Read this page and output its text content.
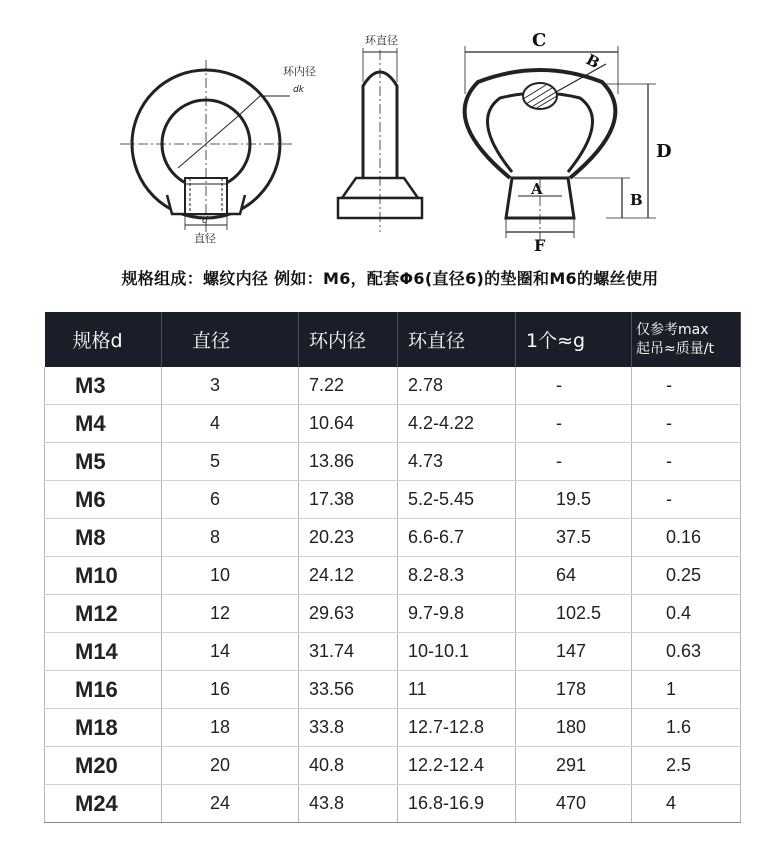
环内径
dk
d
直径
环直径	C
B
D
B
A
F
规格组成：螺纹内径 例如：M6，配套Φ6(直径6)的垫圈和M6的螺丝使用
规格d	直径	环内径	环直径	1个≈g	仅参考max
起吊≈质量/t
M3	3	7.22	2.78	-	-
M4	4	10.64	4.2-4.22	-	-
M5	5	13.86	4.73	-	-
M6	6	17.38	5.2-5.45	19.5	-
M8	8	20.23	6.6-6.7	37.5	0.16
M10	10	24.12	8.2-8.3	64	0.25
M12	12	29.63	9.7-9.8	102.5	0.4
M14	14	31.74	10-10.1	147	0.63
M16	16	33.56	11	178	1
M18	18	33.8	12.7-12.8	180	1.6
M20	20	40.8	12.2-12.4	291	2.5
M24	24	43.8	16.8-16.9	470	4
